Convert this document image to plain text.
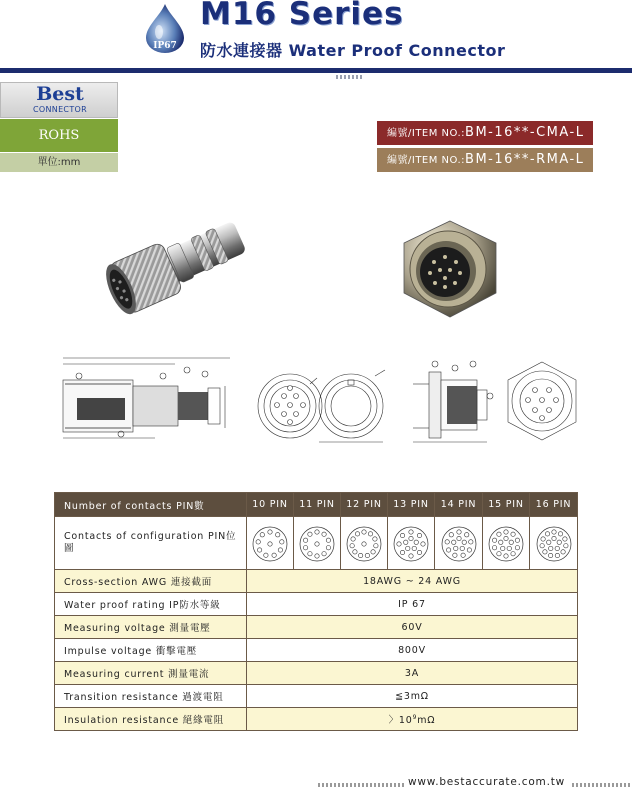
IP67
M16 Series
防水連接器 Water Proof Connector
Best
CONNECTOR
ROHS
單位:mm
編號/ITEM NO.:BM-16**-CMA-L
編號/ITEM NO.:BM-16**-RMA-L
Number of contacts PIN數	10 PIN	11 PIN	12 PIN	13 PIN	14 PIN	15 PIN	16 PIN
Contacts of configuration PIN位圖	

Cross-section AWG 連接截面	18AWG ~ 24 AWG						
Water proof rating IP防水等級	IP 67						
Measuring voltage 測量電壓	60V						
Impulse voltage 衝擊電壓	800V						
Measuring current 測量電流	3A						
Transition resistance 過渡電阻	≦3mΩ						
Insulation resistance 絕緣電阻	〉$10^9m\Omega$						
www.bestaccurate.com.tw
